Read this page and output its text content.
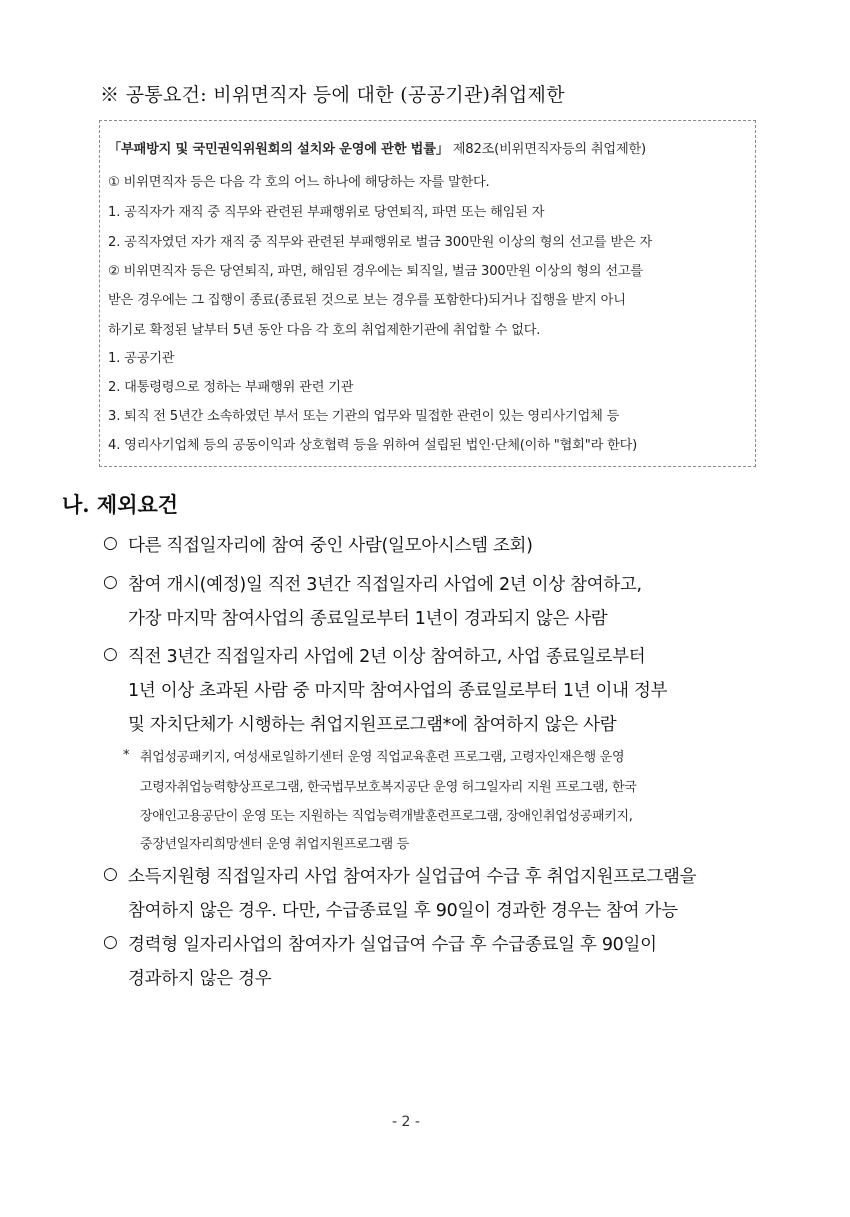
※ 공통요건: 비위면직자 등에 대한 (공공기관)취업제한
「부패방지 및 국민권익위원회의 설치와 운영에 관한 법률」 제82조(비위면직자등의 취업제한)
① 비위면직자 등은 다음 각 호의 어느 하나에 해당하는 자를 말한다.
1. 공직자가 재직 중 직무와 관련된 부패행위로 당연퇴직, 파면 또는 해임된 자
2. 공직자였던 자가 재직 중 직무와 관련된 부패행위로 벌금 300만원 이상의 형의 선고를 받은 자
② 비위면직자 등은 당연퇴직, 파면, 해임된 경우에는 퇴직일, 벌금 300만원 이상의 형의 선고를
받은 경우에는 그 집행이 종료(종료된 것으로 보는 경우를 포함한다)되거나 집행을 받지 아니
하기로 확정된 날부터 5년 동안 다음 각 호의 취업제한기관에 취업할 수 없다.
1. 공공기관
2. 대통령령으로 정하는 부패행위 관련 기관
3. 퇴직 전 5년간 소속하였던 부서 또는 기관의 업무와 밀접한 관련이 있는 영리사기업체 등
4. 영리사기업체 등의 공동이익과 상호협력 등을 위하여 설립된 법인·단체(이하 "협회"라 한다)
나. 제외요건
○ 다른 직접일자리에 참여 중인 사람(일모아시스템 조회)
○ 참여 개시(예정)일 직전 3년간 직접일자리 사업에 2년 이상 참여하고,
가장 마지막 참여사업의 종료일로부터 1년이 경과되지 않은 사람
○ 직전 3년간 직접일자리 사업에 2년 이상 참여하고, 사업 종료일로부터
1년 이상 초과된 사람 중 마지막 참여사업의 종료일로부터 1년 이내 정부
및 자치단체가 시행하는 취업지원프로그램*에 참여하지 않은 사람
* 취업성공패키지, 여성새로일하기센터 운영 직업교육훈련 프로그램, 고령자인재은행 운영
고령자취업능력향상프로그램, 한국법무보호복지공단 운영 허그일자리 지원 프로그램, 한국
장애인고용공단이 운영 또는 지원하는 직업능력개발훈련프로그램, 장애인취업성공패키지,
중장년일자리희망센터 운영 취업지원프로그램 등
○ 소득지원형 직접일자리 사업 참여자가 실업급여 수급 후 취업지원프로그램을
참여하지 않은 경우. 다만, 수급종료일 후 90일이 경과한 경우는 참여 가능
○ 경력형 일자리사업의 참여자가 실업급여 수급 후 수급종료일 후 90일이
경과하지 않은 경우
- 2 -
